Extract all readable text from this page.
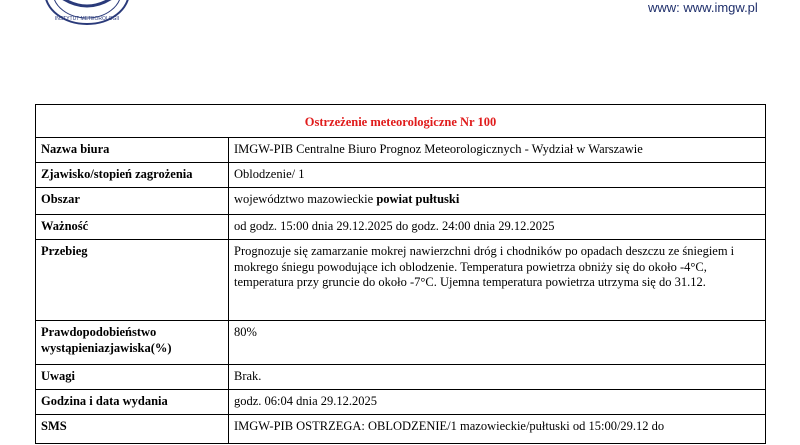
INSTYTUT METEOROLOGII
www: www.imgw.pl
Ostrzeżenie meteorologiczne Nr 100	
Nazwa biura	IMGW-PIB Centralne Biuro Prognoz Meteorologicznych - Wydział w Warszawie
Zjawisko/stopień zagrożenia	Oblodzenie/ 1
Obszar	województwo mazowieckie powiat pułtuski
Ważność	od godz. 15:00 dnia 29.12.2025 do godz. 24:00 dnia 29.12.2025
Przebieg	Prognozuje się zamarzanie mokrej nawierzchni dróg i chodników po opadach deszczu ze śniegiem i mokrego śniegu powodujące ich oblodzenie. Temperatura powietrza obniży się do około -4°C, temperatura przy gruncie do około -7°C. Ujemna temperatura powietrza utrzyma się do 31.12.
Prawdopodobieństwo wystąpieniazjawiska(%)	80%
Uwagi	Brak.
Godzina i data wydania	godz. 06:04 dnia 29.12.2025
SMS	IMGW-PIB OSTRZEGA: OBLODZENIE/1 mazowieckie/pułtuski od 15:00/29.12 do
